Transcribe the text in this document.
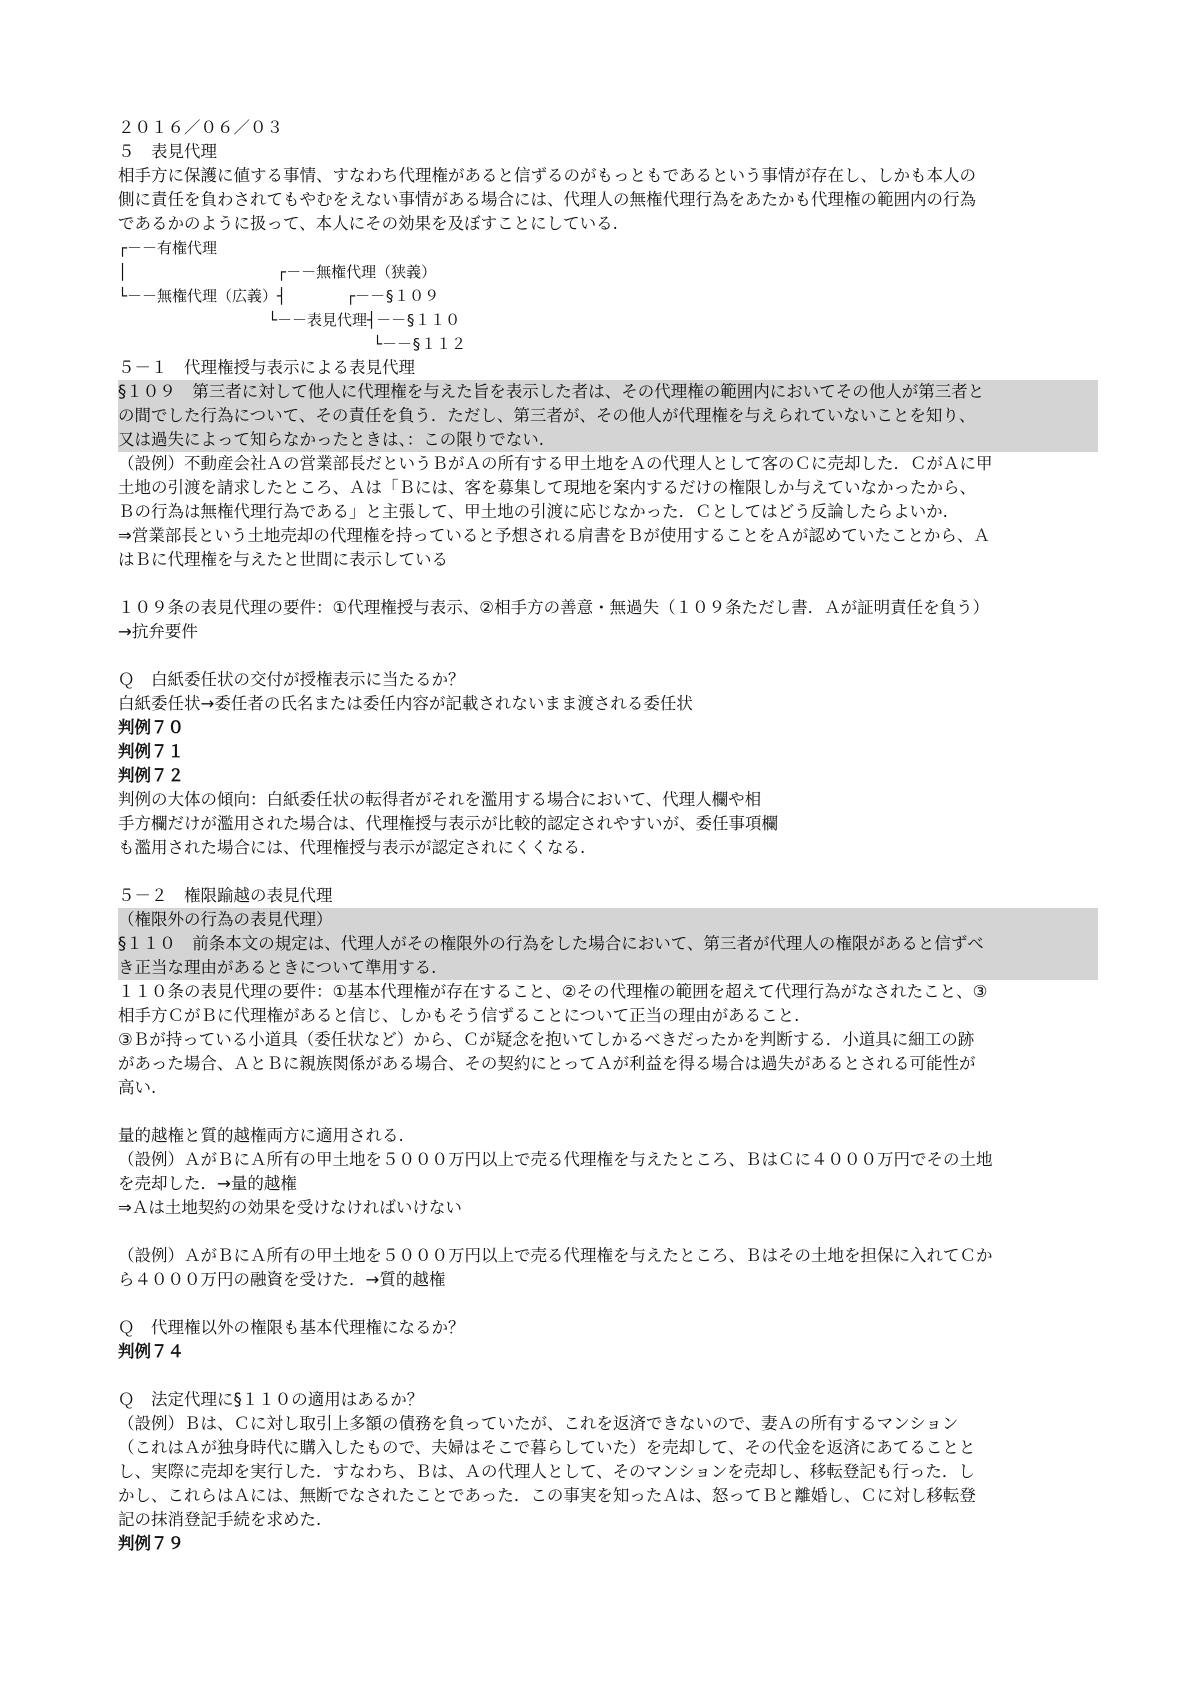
２０１６／０６／０３
５　表見代理
相手方に保護に値する事情、すなわち代理権があると信ずるのがもっともであるという事情が存在し、しかも本人の
側に責任を負わされてもやむをえない事情がある場合には、代理人の無権代理行為をあたかも代理権の範囲内の行為
であるかのように扱って、本人にその効果を及ぼすことにしている.
┌－－有権代理
│　　　　　　　　　　┌－－無権代理（狭義）
└－－無権代理（広義）┤　　　　┌－－§１０９
　　　　　　　　　　└－－表見代理┤－－§１１０
　　　　　　　　　　　　　　　　　└－－§１１２
５－１　代理権授与表示による表見代理
§１０９　第三者に対して他人に代理権を与えた旨を表示した者は、その代理権の範囲内においてその他人が第三者と
の間でした行為について、その責任を負う．ただし、第三者が、その他人が代理権を与えられていないことを知り、
又は過失によって知らなかったときは、：この限りでない.
（設例）不動産会社Ａの営業部長だというＢがＡの所有する甲土地をＡの代理人として客のＣに売却した．ＣがＡに甲
土地の引渡を請求したところ、Ａは「Ｂには、客を募集して現地を案内するだけの権限しか与えていなかったから、
Ｂの行為は無権代理行為である」と主張して、甲土地の引渡に応じなかった．Ｃとしてはどう反論したらよいか.
⇒営業部長という土地売却の代理権を持っていると予想される肩書をＢが使用することをＡが認めていたことから、Ａ
はＢに代理権を与えたと世間に表示している
１０９条の表見代理の要件：①代理権授与表示、②相手方の善意・無過失（１０９条ただし書．Ａが証明責任を負う）
→抗弁要件
Ｑ　白紙委任状の交付が授権表示に当たるか？
白紙委任状→委任者の氏名または委任内容が記載されないまま渡される委任状
判例７０
判例７１
判例７２
判例の大体の傾向：白紙委任状の転得者がそれを濫用する場合において、代理人欄や相
手方欄だけが濫用された場合は、代理権授与表示が比較的認定されやすいが、委任事項欄
も濫用された場合には、代理権授与表示が認定されにくくなる.
５－２　権限踰越の表見代理
（権限外の行為の表見代理）
§１１０　前条本文の規定は、代理人がその権限外の行為をした場合において、第三者が代理人の権限があると信ずべ
き正当な理由があるときについて準用する.
１１０条の表見代理の要件：①基本代理権が存在すること、②その代理権の範囲を超えて代理行為がなされたこと、③
相手方ＣがＢに代理権があると信じ、しかもそう信ずることについて正当の理由があること.
③Ｂが持っている小道具（委任状など）から、Ｃが疑念を抱いてしかるべきだったかを判断する．小道具に細工の跡
があった場合、ＡとＢに親族関係がある場合、その契約にとってＡが利益を得る場合は過失があるとされる可能性が
高い.
量的越権と質的越権両方に適用される.
（設例）ＡがＢにＡ所有の甲土地を５０００万円以上で売る代理権を与えたところ、ＢはＣに４０００万円でその土地
を売却した．→量的越権
⇒Ａは土地契約の効果を受けなければいけない
（設例）ＡがＢにＡ所有の甲土地を５０００万円以上で売る代理権を与えたところ、Ｂはその土地を担保に入れてＣか
ら４０００万円の融資を受けた．→質的越権
Ｑ　代理権以外の権限も基本代理権になるか？
判例７４
Ｑ　法定代理に§１１０の適用はあるか？
（設例）Ｂは、Ｃに対し取引上多額の債務を負っていたが、これを返済できないので、妻Ａの所有するマンション
（これはＡが独身時代に購入したもので、夫婦はそこで暮らしていた）を売却して、その代金を返済にあてることと
し、実際に売却を実行した．すなわち、Ｂは、Ａの代理人として、そのマンションを売却し、移転登記も行った．し
かし、これらはＡには、無断でなされたことであった．この事実を知ったＡは、怒ってＢと離婚し、Ｃに対し移転登
記の抹消登記手続を求めた.
判例７９
